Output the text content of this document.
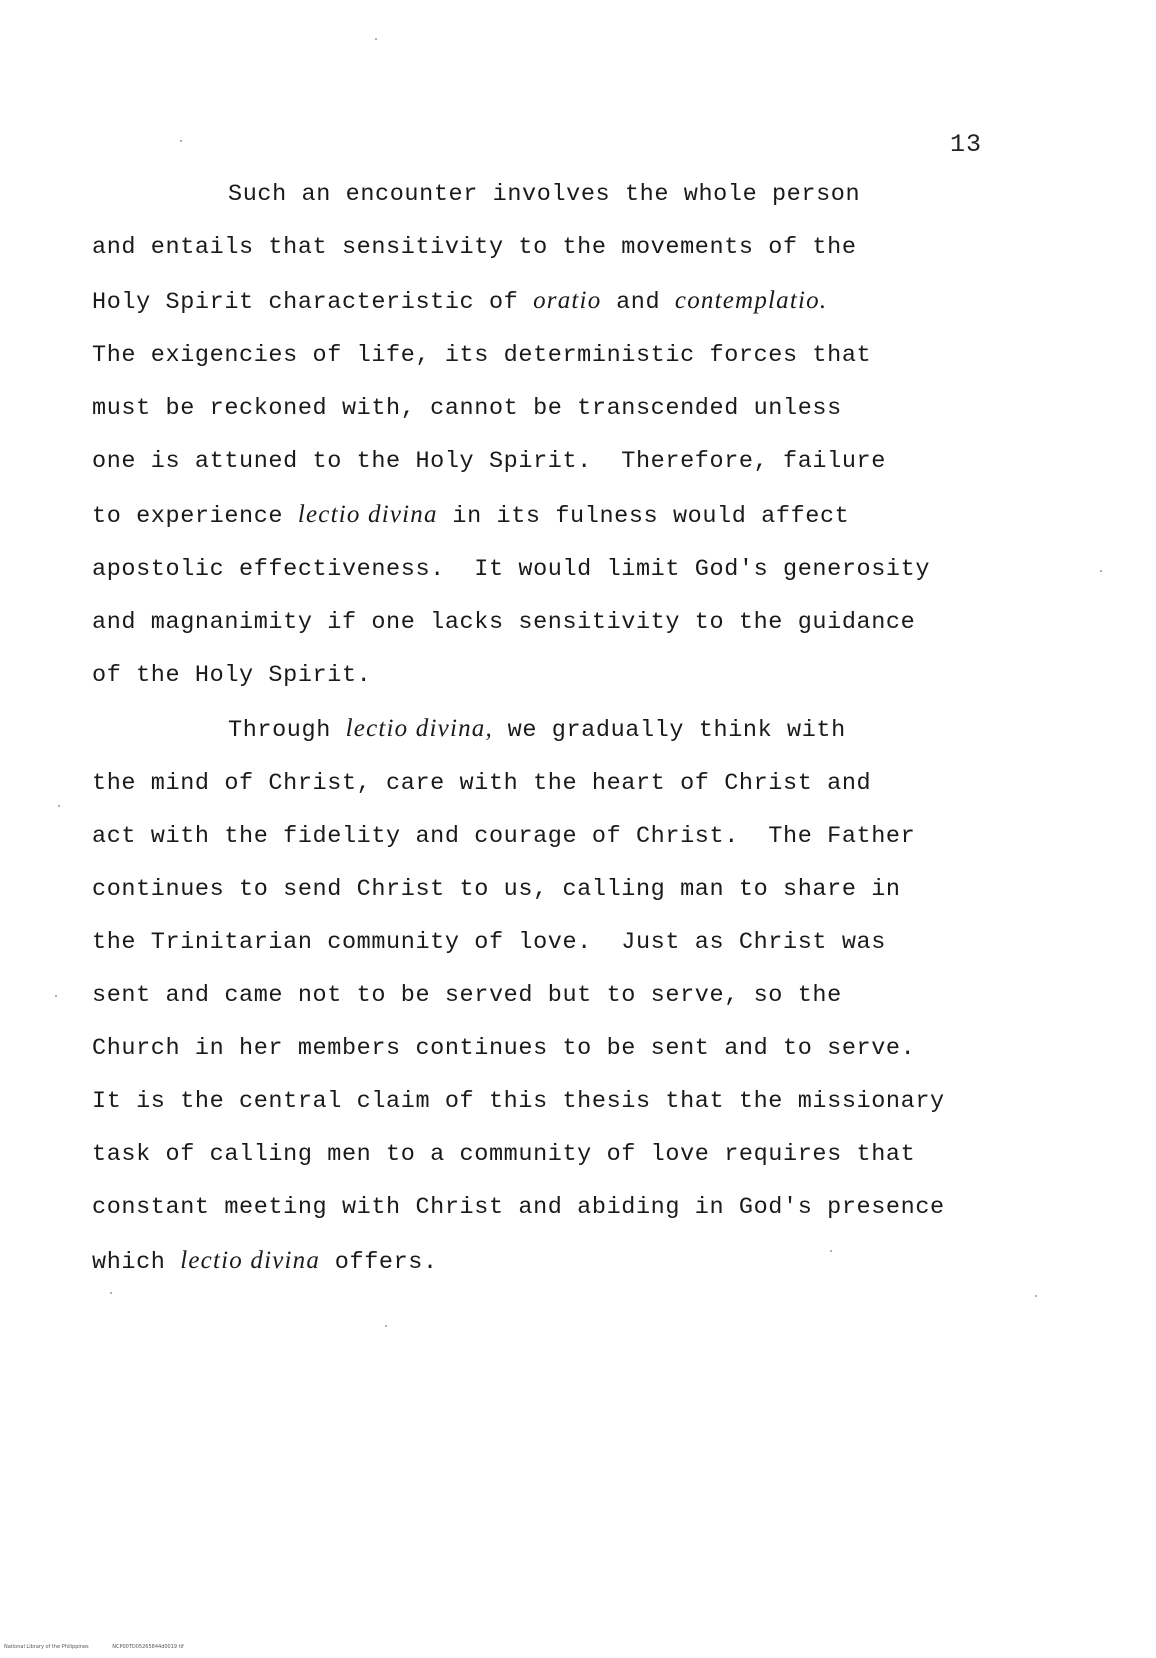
13
Such an encounter involves the whole person
and entails that sensitivity to the movements of the
Holy Spirit characteristic of oratio and contemplatio.
The exigencies of life, its deterministic forces that
must be reckoned with, cannot be transcended unless
one is attuned to the Holy Spirit.  Therefore, failure
to experience lectio divina in its fulness would affect
apostolic effectiveness.  It would limit God's generosity
and magnanimity if one lacks sensitivity to the guidance
of the Holy Spirit.
Through lectio divina, we gradually think with
the mind of Christ, care with the heart of Christ and
act with the fidelity and courage of Christ.  The Father
continues to send Christ to us, calling man to share in
the Trinitarian community of love.  Just as Christ was
sent and came not to be served but to serve, so the
Church in her members continues to be sent and to serve.
It is the central claim of this thesis that the missionary
task of calling men to a community of love requires that
constant meeting with Christ and abiding in God's presence
which lectio divina offers.
National Library of the Philippines	NCP00TD05265844d0019 tif
